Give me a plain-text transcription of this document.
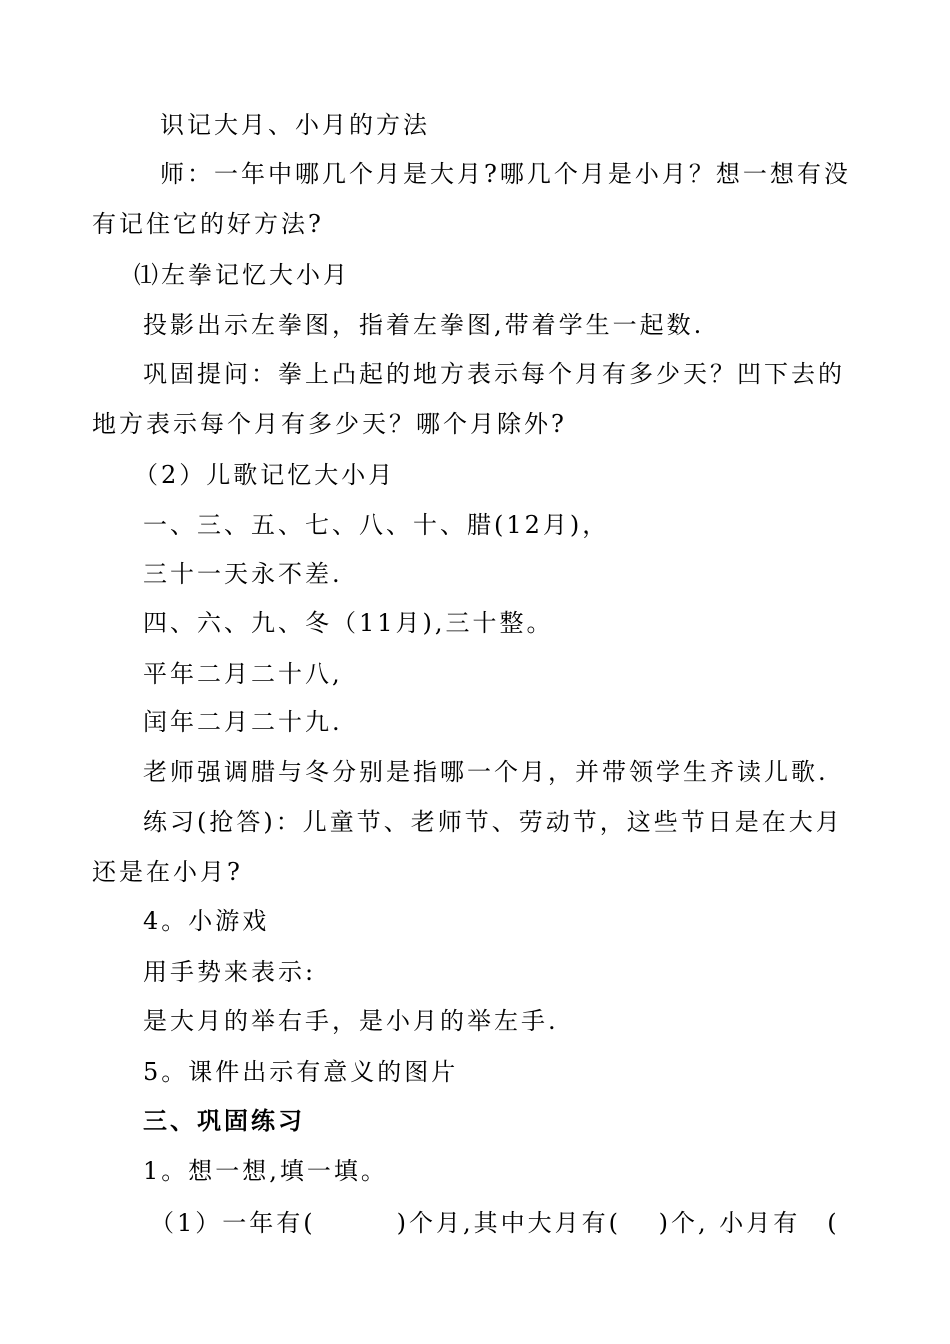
识记大月、小月的方法
师：一年中哪几个月是大月?哪几个月是小月？想一想有没
有记住它的好方法?
⑴左拳记忆大小月
投影出示左拳图，指着左拳图,带着学生一起数.
巩固提问：拳上凸起的地方表示每个月有多少天？凹下去的
地方表示每个月有多少天？哪个月除外?
（2）儿歌记忆大小月
一、三、五、七、八、十、腊(12月)，
三十一天永不差.
四、六、九、冬（11月),三十整。
平年二月二十八,
闰年二月二十九.
老师强调腊与冬分别是指哪一个月，并带领学生齐读儿歌.
练习(抢答)：儿童节、老师节、劳动节，这些节日是在大月
还是在小月?
4。小游戏
用手势来表示:
是大月的举右手，是小月的举左手.
5。课件出示有意义的图片
三、巩固练习
1。想一想,填一填。
（1）一年有(　　　)个月,其中大月有(　 )个, 小月有　(
